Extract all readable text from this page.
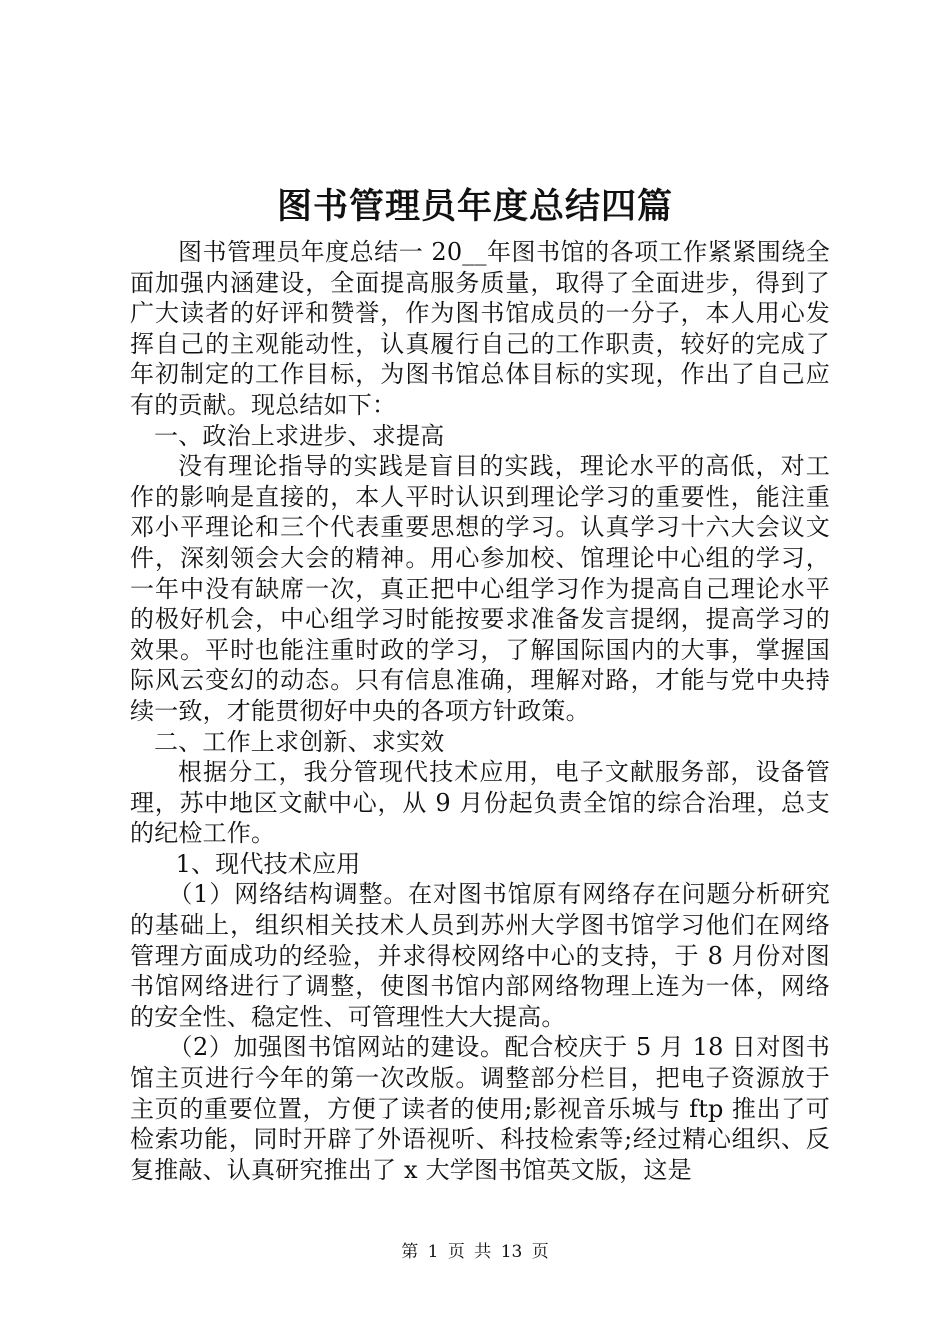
图书管理员年度总结四篇

图书管理员年度总结一 20__年图书馆的各项工作紧紧围绕全面加强内涵建设，全面提高服务质量，取得了全面进步，得到了广大读者的好评和赞誉，作为图书馆成员的一分子，本人用心发挥自己的主观能动性，认真履行自己的工作职责，较好的完成了年初制定的工作目标，为图书馆总体目标的实现，作出了自己应有的贡献。现总结如下：

一、政治上求进步、求提高

没有理论指导的实践是盲目的实践，理论水平的高低，对工作的影响是直接的，本人平时认识到理论学习的重要性，能注重邓小平理论和三个代表重要思想的学习。认真学习十六大会议文件，深刻领会大会的精神。用心参加校、馆理论中心组的学习，一年中没有缺席一次，真正把中心组学习作为提高自己理论水平的极好机会，中心组学习时能按要求准备发言提纲，提高学习的效果。平时也能注重时政的学习，了解国际国内的大事，掌握国际风云变幻的动态。只有信息准确，理解对路，才能与党中央持续一致，才能贯彻好中央的各项方针政策。

二、工作上求创新、求实效

根据分工，我分管现代技术应用，电子文献服务部，设备管理，苏中地区文献中心，从 9 月份起负责全馆的综合治理，总支的纪检工作。

1、现代技术应用

（1）网络结构调整。在对图书馆原有网络存在问题分析研究的基础上，组织相关技术人员到苏州大学图书馆学习他们在网络管理方面成功的经验，并求得校网络中心的支持，于 8 月份对图书馆网络进行了调整，使图书馆内部网络物理上连为一体，网络的安全性、稳定性、可管理性大大提高。

（2）加强图书馆网站的建设。配合校庆于 5 月 18 日对图书馆主页进行今年的第一次改版。调整部分栏目，把电子资源放于主页的重要位置，方便了读者的使用;影视音乐城与 ftp 推出了可检索功能，同时开辟了外语视听、科技检索等;经过精心组织、反复推敲、认真研究推出了 x 大学图书馆英文版，这是

第 1 页 共 13 页
